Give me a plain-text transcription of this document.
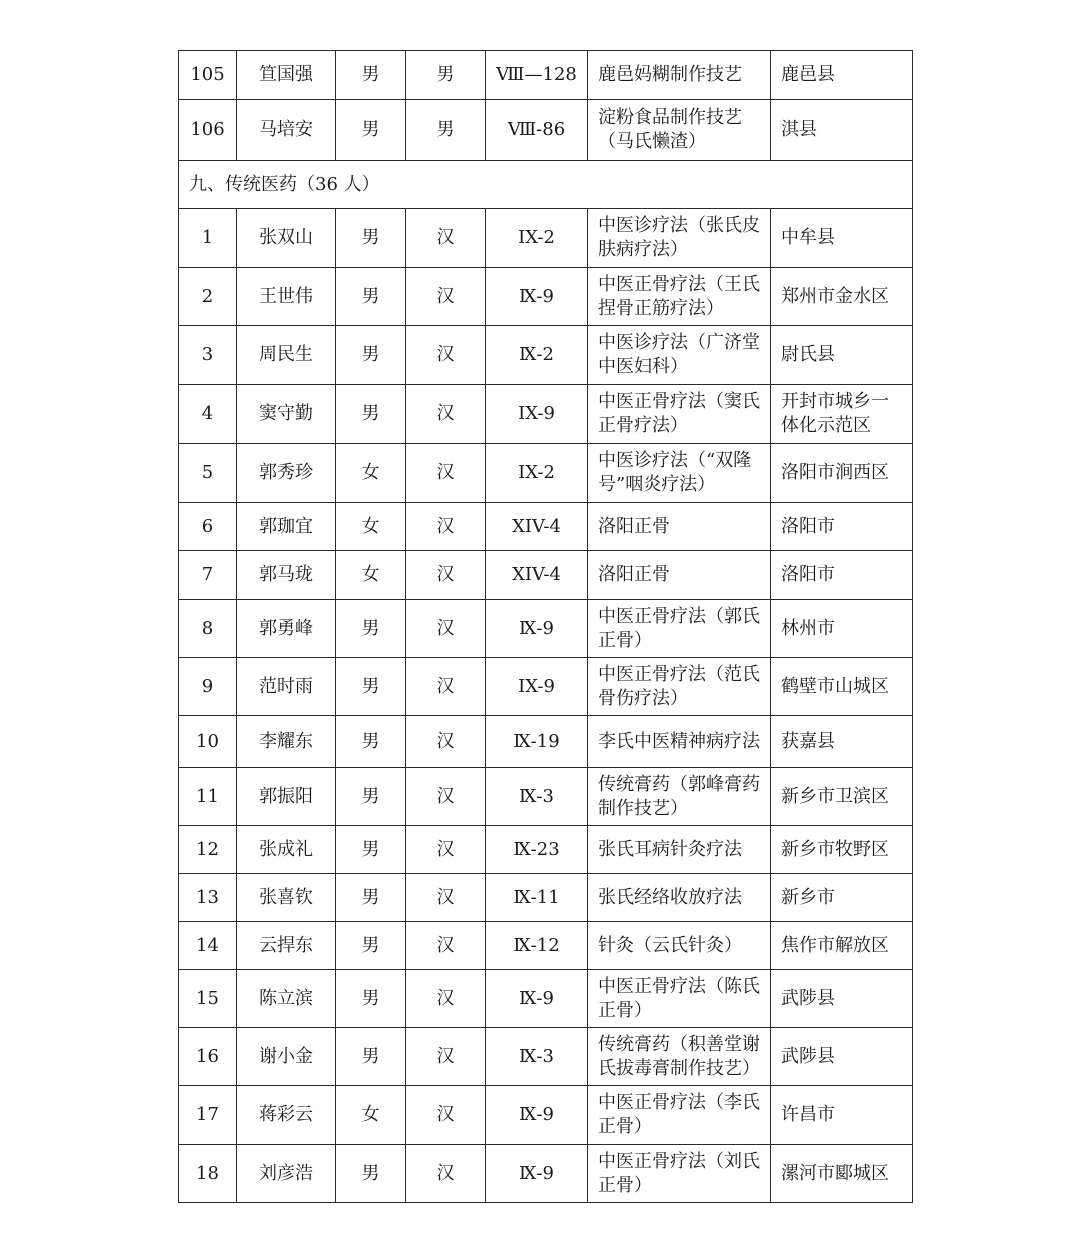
105	笪国强	男	男	Ⅷ—128	鹿邑妈糊制作技艺	鹿邑县
106	马培安	男	男	Ⅷ-86	淀粉食品制作技艺（马氏懒渣）	淇县
九、传统医药（36 人）						
1	张双山	男	汉	IX-2	中医诊疗法（张氏皮肤病疗法）	中牟县
2	王世伟	男	汉	Ⅸ-9	中医正骨疗法（王氏捏骨正筋疗法）	郑州市金水区
3	周民生	男	汉	Ⅸ-2	中医诊疗法（广济堂中医妇科）	尉氏县
4	窦守勤	男	汉	IX-9	中医正骨疗法（窦氏正骨疗法）	开封市城乡一体化示范区
5	郭秀珍	女	汉	IX-2	中医诊疗法（“双隆号”咽炎疗法）	洛阳市涧西区
6	郭珈宜	女	汉	XIV-4	洛阳正骨	洛阳市
7	郭马珑	女	汉	XIV-4	洛阳正骨	洛阳市
8	郭勇峰	男	汉	Ⅸ-9	中医正骨疗法（郭氏正骨）	林州市
9	范时雨	男	汉	IX-9	中医正骨疗法（范氏骨伤疗法）	鹤壁市山城区
10	李耀东	男	汉	Ⅸ-19	李氏中医精神病疗法	获嘉县
11	郭振阳	男	汉	Ⅸ-3	传统膏药（郭峰膏药制作技艺）	新乡市卫滨区
12	张成礼	男	汉	Ⅸ-23	张氏耳病针灸疗法	新乡市牧野区
13	张喜钦	男	汉	Ⅸ-11	张氏经络收放疗法	新乡市
14	云捍东	男	汉	Ⅸ-12	针灸（云氏针灸）	焦作市解放区
15	陈立滨	男	汉	Ⅸ-9	中医正骨疗法（陈氏正骨）	武陟县
16	谢小金	男	汉	Ⅸ-3	传统膏药（积善堂谢氏拔毒膏制作技艺）	武陟县
17	蒋彩云	女	汉	Ⅸ-9	中医正骨疗法（李氏正骨）	许昌市
18	刘彦浩	男	汉	Ⅸ-9	中医正骨疗法（刘氏正骨）	漯河市郾城区
